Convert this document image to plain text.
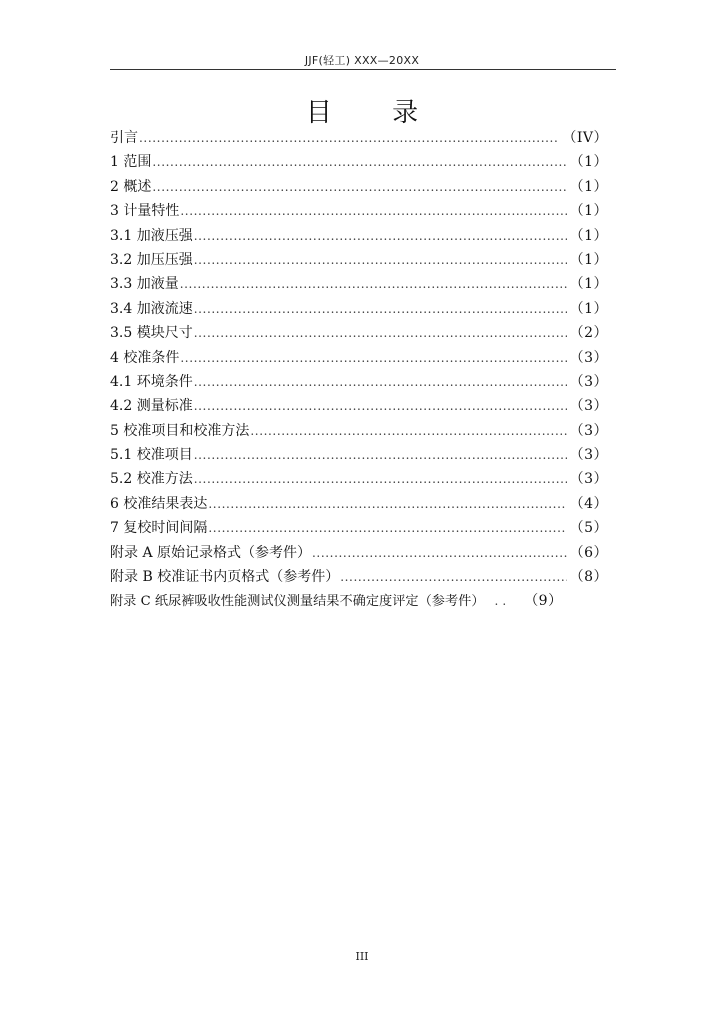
JJF(轻工) XXX—20XX
目 录
引言 .....	（IV）
1 范围 .....	（1）
2 概述 .....	（1）
3 计量特性 .....	（1）
3.1 加液压强 .....	（1）
3.2 加压压强 .....	（1）
3.3 加液量 .....	（1）
3.4 加液流速 .....	（1）
3.5 模块尺寸 .....	（2）
4 校准条件 .....	（3）
4.1 环境条件 .....	（3）
4.2 测量标准 .....	（3）
5 校准项目和校准方法 .....	（3）
5.1 校准项目 .....	（3）
5.2 校准方法 .....	（3）
6 校准结果表达 .....	（4）
7 复校时间间隔 .....	（5）
附录 A 原始记录格式（参考件） .....	（6）
附录 B 校准证书内页格式（参考件） .....	（8）
附录 C 纸尿裤吸收性能测试仪测量结果不确定度评定（参考件） ..	（9）
III
